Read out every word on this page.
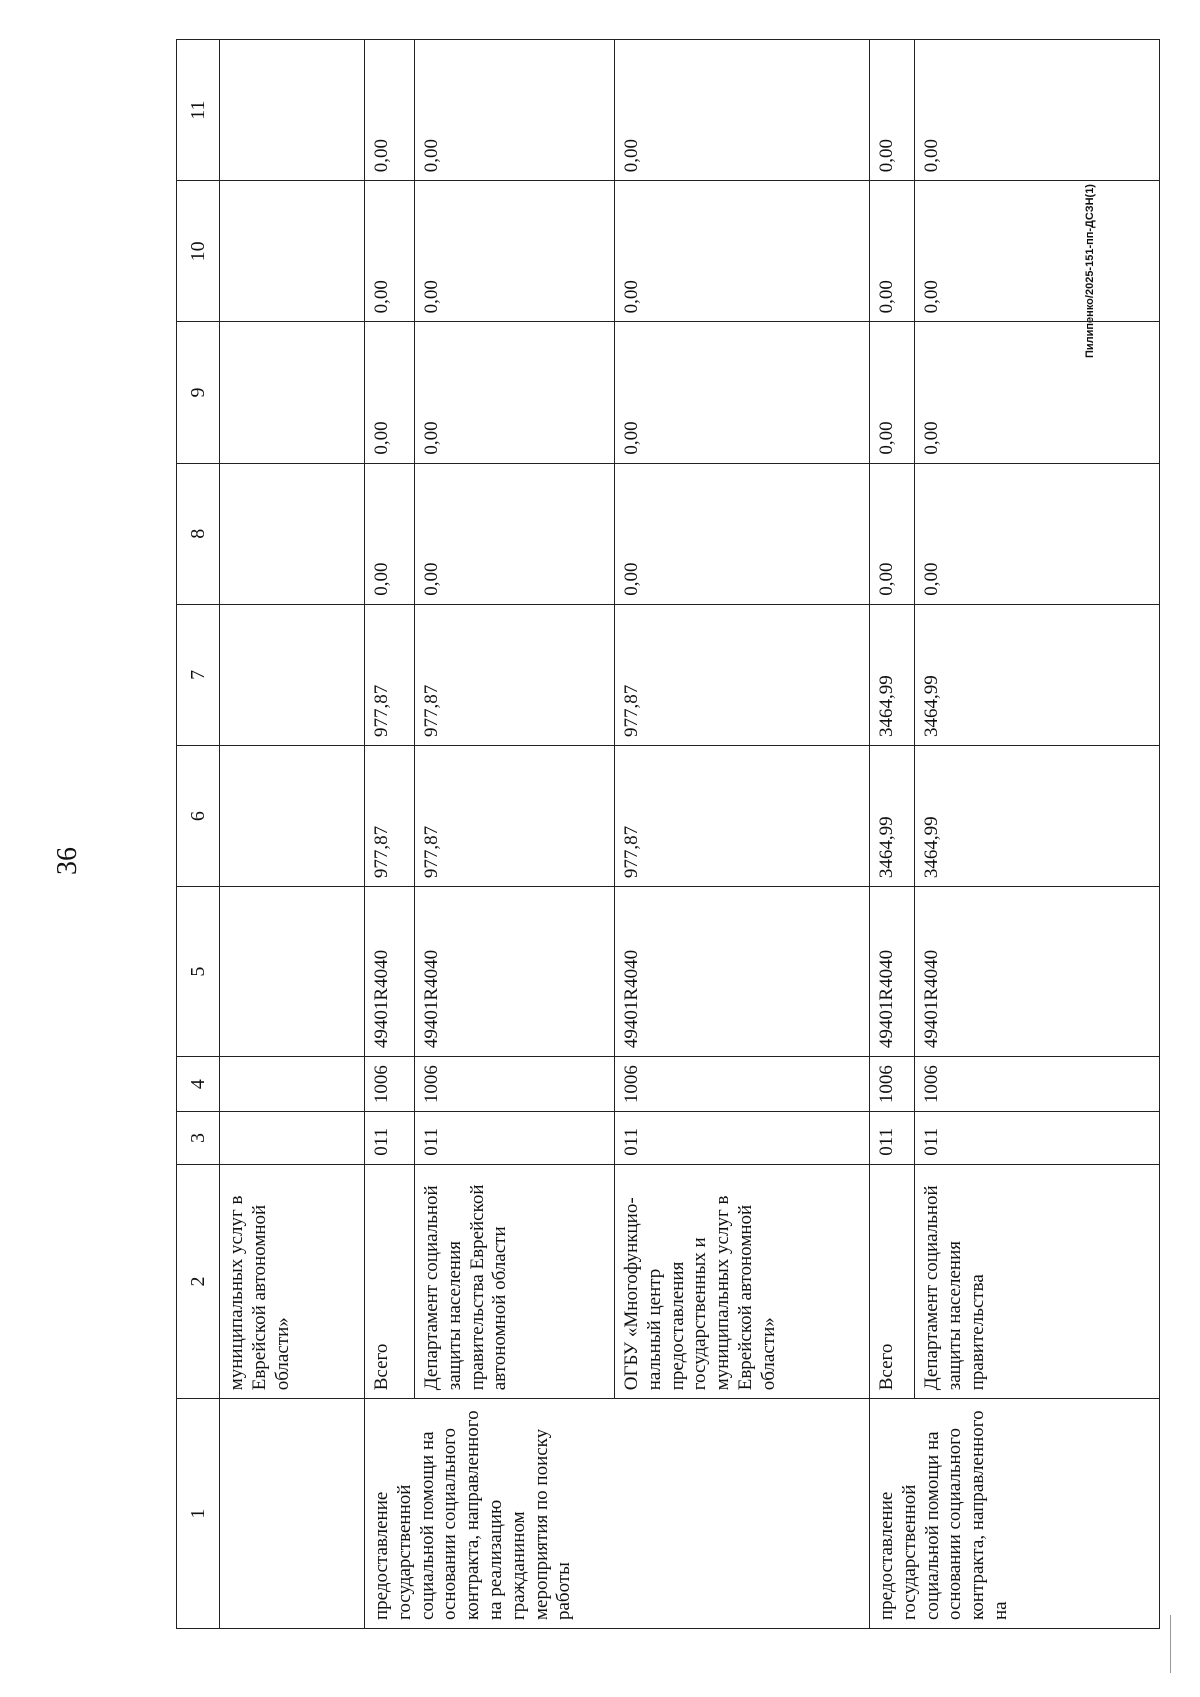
36
Пилипенко/2025-151-пп-ДСЗН(1)
1	2	3	4	5	6	7	8	9	10	11
	муниципальных услуг в Еврейской автономной области»									
предоставление государственной социальной помощи на основании социального контракта, направленного на реализацию гражданином мероприятия по поиску работы	Всего	011	1006	49401R4040	977,87	977,87	0,00	0,00	0,00	0,00
	Департамент социальной защиты населения правительства Еврейской автономной области	011	1006	49401R4040	977,87	977,87	0,00	0,00	0,00	0,00
	ОГБУ «Многофункцио-нальный центр предоставления государственных и муниципальных услуг в Еврейской автономной области»	011	1006	49401R4040	977,87	977,87	0,00	0,00	0,00	0,00
предоставление государственной социальной помощи на основании социального контракта, направленного на	Всего	011	1006	49401R4040	3464,99	3464,99	0,00	0,00	0,00	0,00
	Департамент социальной защиты населения правительства	011	1006	49401R4040	3464,99	3464,99	0,00	0,00	0,00	0,00
